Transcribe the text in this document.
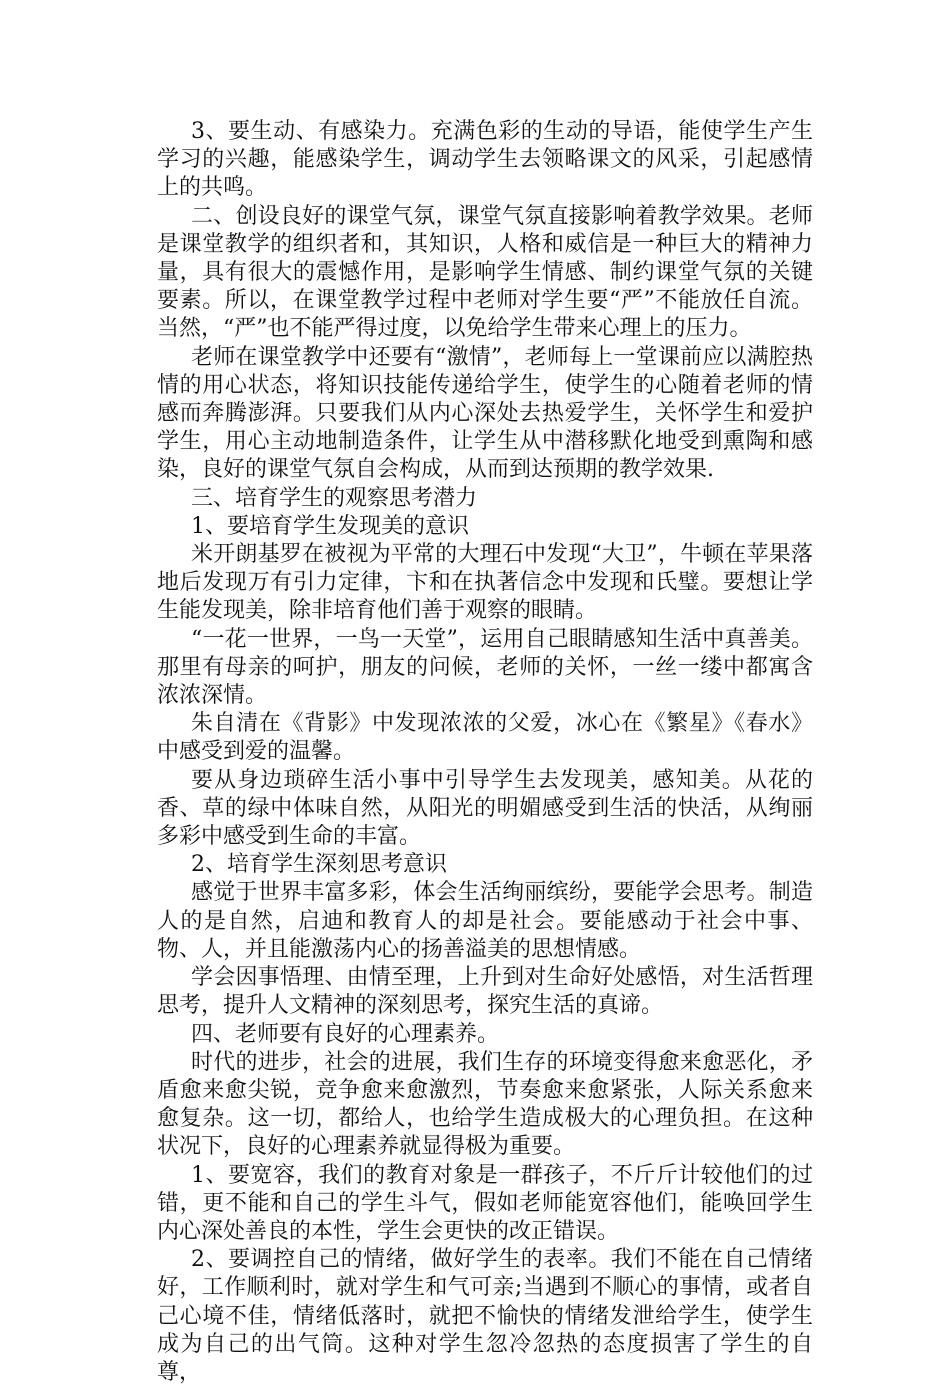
3、要生动、有感染力。充满色彩的生动的导语，能使学生产生学习的兴趣，能感染学生，调动学生去领略课文的风采，引起感情上的共鸣。

二、创设良好的课堂气氛，课堂气氛直接影响着教学效果。老师是课堂教学的组织者和，其知识，人格和威信是一种巨大的精神力量，具有很大的震憾作用，是影响学生情感、制约课堂气氛的关键要素。所以，在课堂教学过程中老师对学生要“严”不能放任自流。当然，“严”也不能严得过度，以免给学生带来心理上的压力。

老师在课堂教学中还要有“激情”，老师每上一堂课前应以满腔热情的用心状态，将知识技能传递给学生，使学生的心随着老师的情感而奔腾澎湃。只要我们从内心深处去热爱学生，关怀学生和爱护学生，用心主动地制造条件，让学生从中潜移默化地受到熏陶和感染，良好的课堂气氛自会构成，从而到达预期的教学效果.

三、培育学生的观察思考潜力

1、要培育学生发现美的意识

米开朗基罗在被视为平常的大理石中发现“大卫”，牛顿在苹果落地后发现万有引力定律，卞和在执著信念中发现和氏璧。要想让学生能发现美，除非培育他们善于观察的眼睛。

“一花一世界，一鸟一天堂”，运用自己眼睛感知生活中真善美。那里有母亲的呵护，朋友的问候，老师的关怀，一丝一缕中都寓含浓浓深情。

朱自清在《背影》中发现浓浓的父爱，冰心在《繁星》《春水》中感受到爱的温馨。

要从身边琐碎生活小事中引导学生去发现美，感知美。从花的香、草的绿中体味自然，从阳光的明媚感受到生活的快活，从绚丽多彩中感受到生命的丰富。

2、培育学生深刻思考意识

感觉于世界丰富多彩，体会生活绚丽缤纷，要能学会思考。制造人的是自然，启迪和教育人的却是社会。要能感动于社会中事、物、人，并且能激荡内心的扬善溢美的思想情感。

学会因事悟理、由情至理，上升到对生命好处感悟，对生活哲理思考，提升人文精神的深刻思考，探究生活的真谛。

四、老师要有良好的心理素养。

时代的进步，社会的进展，我们生存的环境变得愈来愈恶化，矛盾愈来愈尖锐，竞争愈来愈激烈，节奏愈来愈紧张，人际关系愈来愈复杂。这一切，都给人，也给学生造成极大的心理负担。在这种状况下，良好的心理素养就显得极为重要。

1、要宽容，我们的教育对象是一群孩子，不斤斤计较他们的过错，更不能和自己的学生斗气，假如老师能宽容他们，能唤回学生内心深处善良的本性，学生会更快的改正错误。

2、要调控自己的情绪，做好学生的表率。我们不能在自己情绪好，工作顺利时，就对学生和气可亲;当遇到不顺心的事情，或者自己心境不佳，情绪低落时，就把不愉快的情绪发泄给学生，使学生成为自己的出气筒。这种对学生忽冷忽热的态度损害了学生的自尊，
